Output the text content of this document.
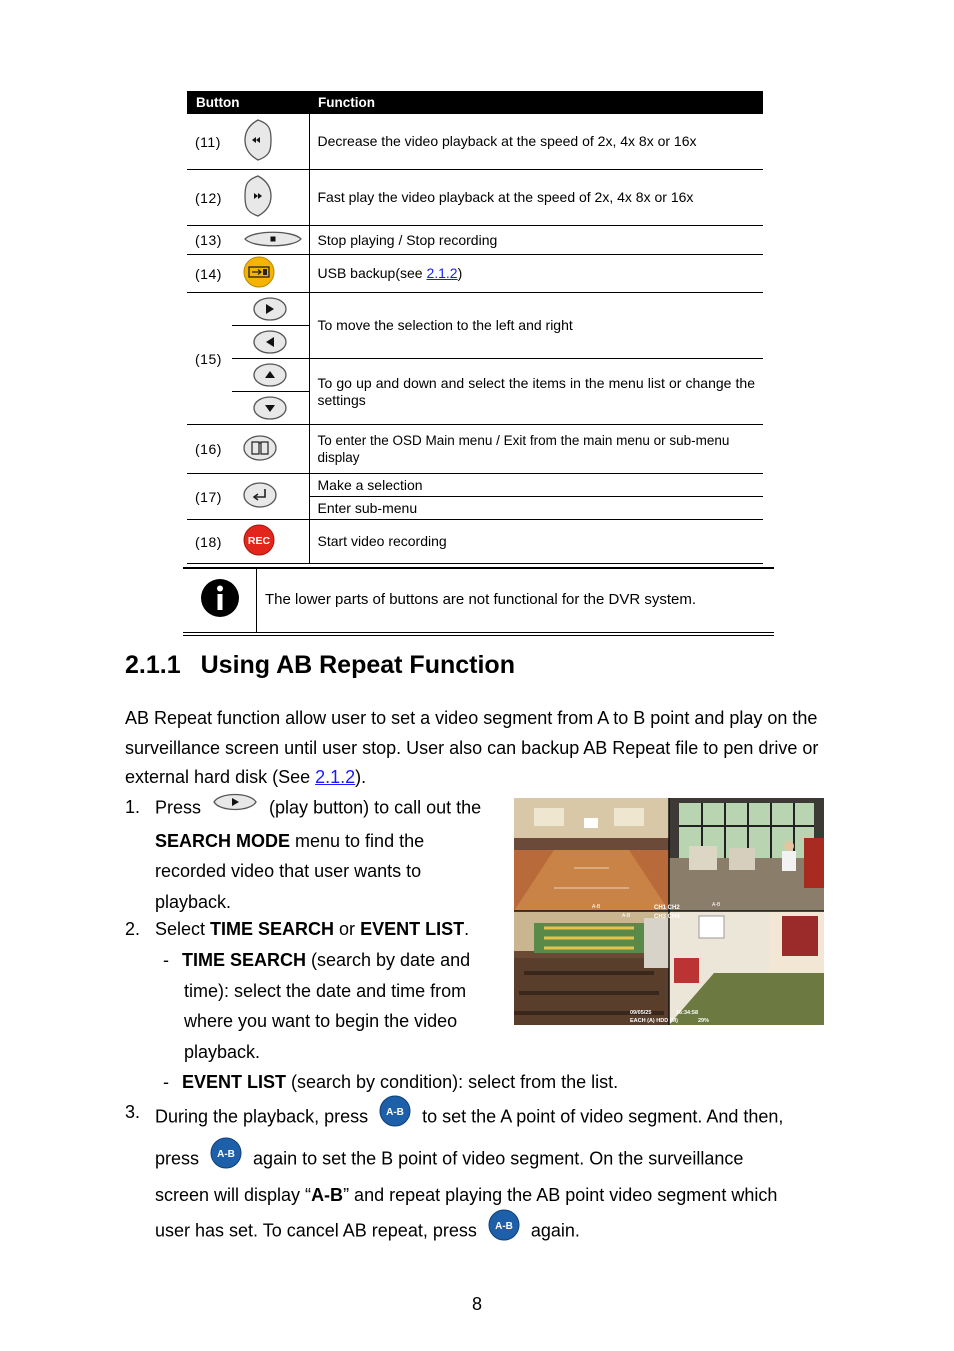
Button	Function

(11)	Decrease the video playback at the speed of 2x, 4x 8x or 16x

(12)	Fast play the video playback at the speed of 2x, 4x 8x or 16x

(13)	Stop playing / Stop recording

(14)	USB backup(see 2.1.2)

(15)	To move the selection to the left and right
	To go up and down and select the items in the menu list or change the settings

(16)	To enter the OSD Main menu / Exit from the main menu or sub-menu display

(17)	Make a selection
	Enter sub-menu

(18) REC	Start video recording
The lower parts of buttons are not functional for the DVR system.
2.1.1 Using AB Repeat Function

AB Repeat function allow user to set a video segment from A to B point and play on the surveillance screen until user stop. User also can backup AB Repeat file to pen drive or external hard disk (See 2.1.2).

1. Press	(play button) to call out the
SEARCH MODE menu to find the
recorded video that user wants to
playback.
2. Select TIME SEARCH or EVENT LIST.
- TIME SEARCH (search by date and
time): select the date and time from
where you want to begin the video
playback.
- EVENT LIST (search by condition): select from the list.
3. During the playback, press A-B to set the A point of video segment. And then,
press A-B again to set the B point of video segment. On the surveillance
screen will display “A-B” and repeat playing the AB point video segment which
user has set. To cancel AB repeat, press A-B again.
A-B	A-B
A-B
CH1 CH2
CH3 CH4
09/05/25	16:34:58
EACH (A) HDD (M)	29%
8
